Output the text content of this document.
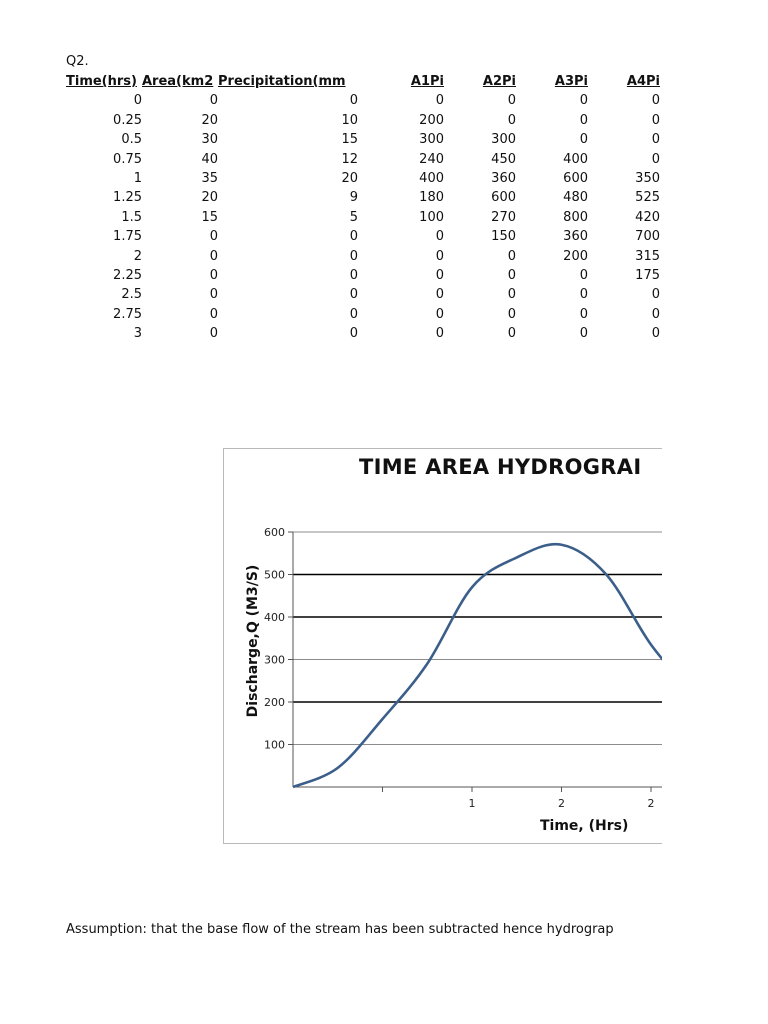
Q2.
Time(hrs)	Area(km2	Precipitation(mm	A1Pi	A2Pi	A3Pi	A4Pi
0	0	0	0	0	0	0
0.25	20	10	200	0	0	0
0.5	30	15	300	300	0	0
0.75	40	12	240	450	400	0
1	35	20	400	360	600	350
1.25	20	9	180	600	480	525
1.5	15	5	100	270	800	420
1.75	0	0	0	150	360	700
2	0	0	0	0	200	315
2.25	0	0	0	0	0	175
2.5	0	0	0	0	0	0
2.75	0	0	0	0	0	0
3	0	0	0	0	0	0
TIME AREA HYDROGRAI
Discharge,Q (M3/S)
Time, (Hrs)
100
200
300
400
500
600
1	2	2
Assumption: that the base flow of the stream has been subtracted hence hydrograp
